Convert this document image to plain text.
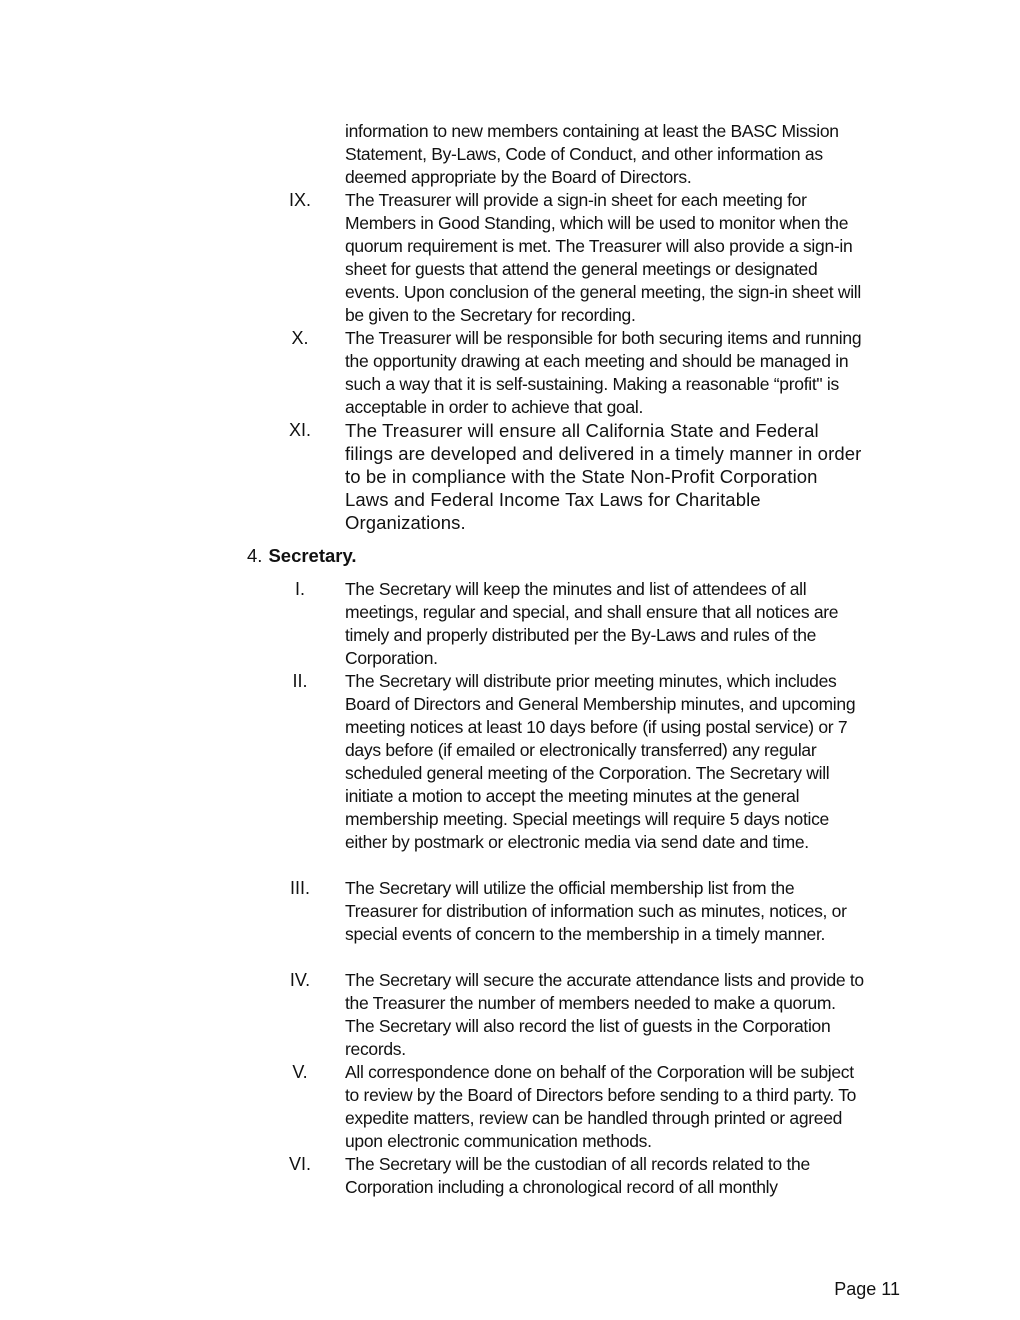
information to new members containing at least the BASC Mission Statement, By-Laws, Code of Conduct, and other information as deemed appropriate by the Board of Directors.

IX.	The Treasurer will provide a sign-in sheet for each meeting for Members in Good Standing, which will be used to monitor when the quorum requirement is met. The Treasurer will also provide a sign-in sheet for guests that attend the general meetings or designated events. Upon conclusion of the general meeting, the sign-in sheet will be given to the Secretary for recording.

X.	The Treasurer will be responsible for both securing items and running the opportunity drawing at each meeting and should be managed in such a way that it is self-sustaining. Making a reasonable “profit" is acceptable in order to achieve that goal.

XI.	The Treasurer will ensure all California State and Federal filings are developed and delivered in a timely manner in order to be in compliance with the State Non-Profit Corporation Laws and Federal Income Tax Laws for Charitable Organizations.

4. Secretary.
I.	The Secretary will keep the minutes and list of attendees of all meetings, regular and special, and shall ensure that all notices are timely and properly distributed per the By-Laws and rules of the Corporation.

II.	The Secretary will distribute prior meeting minutes, which includes Board of Directors and General Membership minutes, and upcoming meeting notices at least 10 days before (if using postal service) or 7 days before (if emailed or electronically transferred) any regular scheduled general meeting of the Corporation. The Secretary will initiate a motion to accept the meeting minutes at the general membership meeting. Special meetings will require 5 days notice either by postmark or electronic media via send date and time.

III.	The Secretary will utilize the official membership list from the Treasurer for distribution of information such as minutes, notices, or special events of concern to the membership in a timely manner.

IV.	The Secretary will secure the accurate attendance lists and provide to the Treasurer the number of members needed to make a quorum. The Secretary will also record the list of guests in the Corporation records.

V.	All correspondence done on behalf of the Corporation will be subject to review by the Board of Directors before sending to a third party. To expedite matters, review can be handled through printed or agreed upon electronic communication methods.

VI.	The Secretary will be the custodian of all records related to the Corporation including a chronological record of all monthly

Page 11
